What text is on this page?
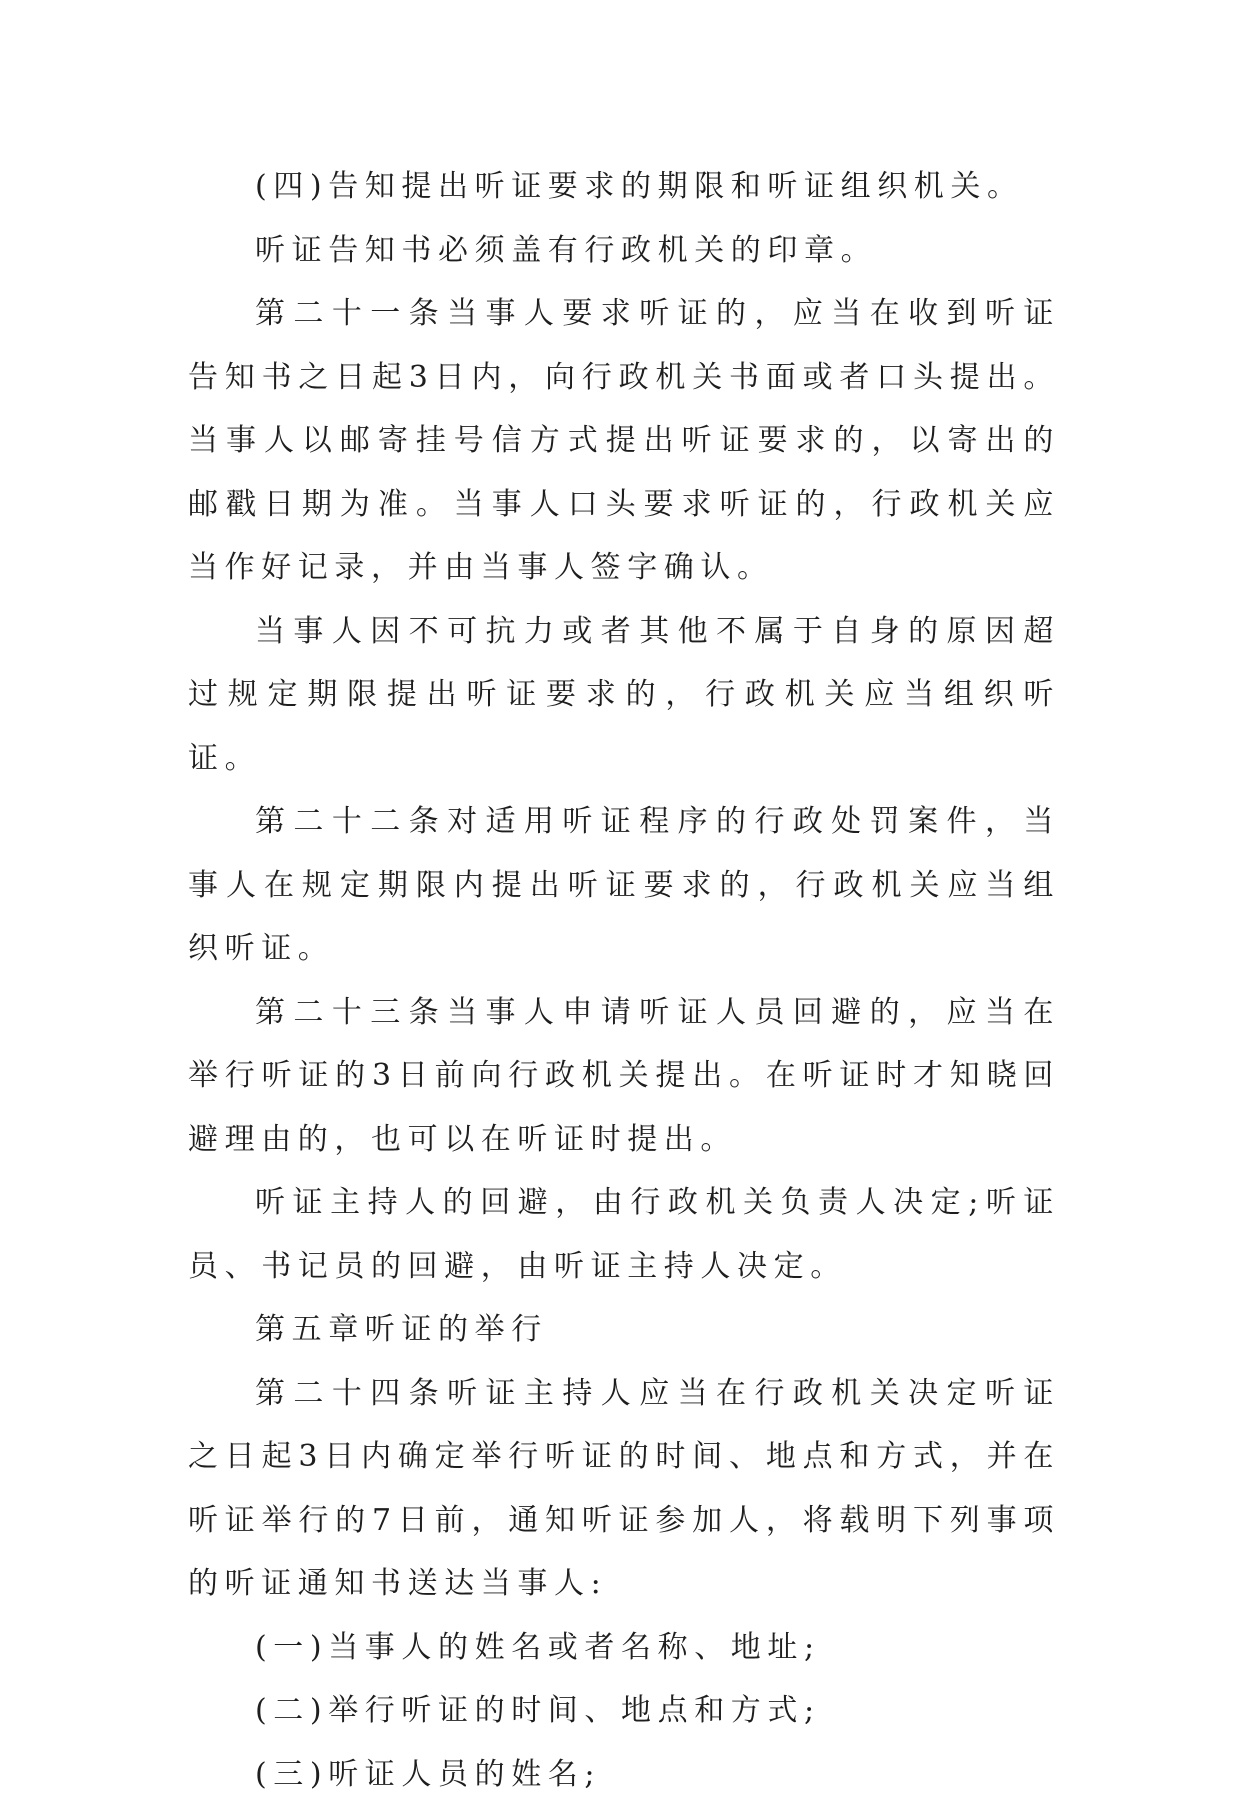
(四)告知提出听证要求的期限和听证组织机关。

听证告知书必须盖有行政机关的印章。

第二十一条当事人要求听证的，应当在收到听证告知书之日起3日内，向行政机关书面或者口头提出。当事人以邮寄挂号信方式提出听证要求的，以寄出的邮戳日期为准。当事人口头要求听证的，行政机关应当作好记录，并由当事人签字确认。

当事人因不可抗力或者其他不属于自身的原因超过规定期限提出听证要求的，行政机关应当组织听证。

第二十二条对适用听证程序的行政处罚案件，当事人在规定期限内提出听证要求的，行政机关应当组织听证。

第二十三条当事人申请听证人员回避的，应当在举行听证的3日前向行政机关提出。在听证时才知晓回避理由的，也可以在听证时提出。

听证主持人的回避，由行政机关负责人决定;听证员、书记员的回避，由听证主持人决定。

第五章听证的举行

第二十四条听证主持人应当在行政机关决定听证之日起3日内确定举行听证的时间、地点和方式，并在听证举行的7日前，通知听证参加人，将载明下列事项的听证通知书送达当事人:

(一)当事人的姓名或者名称、地址;

(二)举行听证的时间、地点和方式;

(三)听证人员的姓名;
